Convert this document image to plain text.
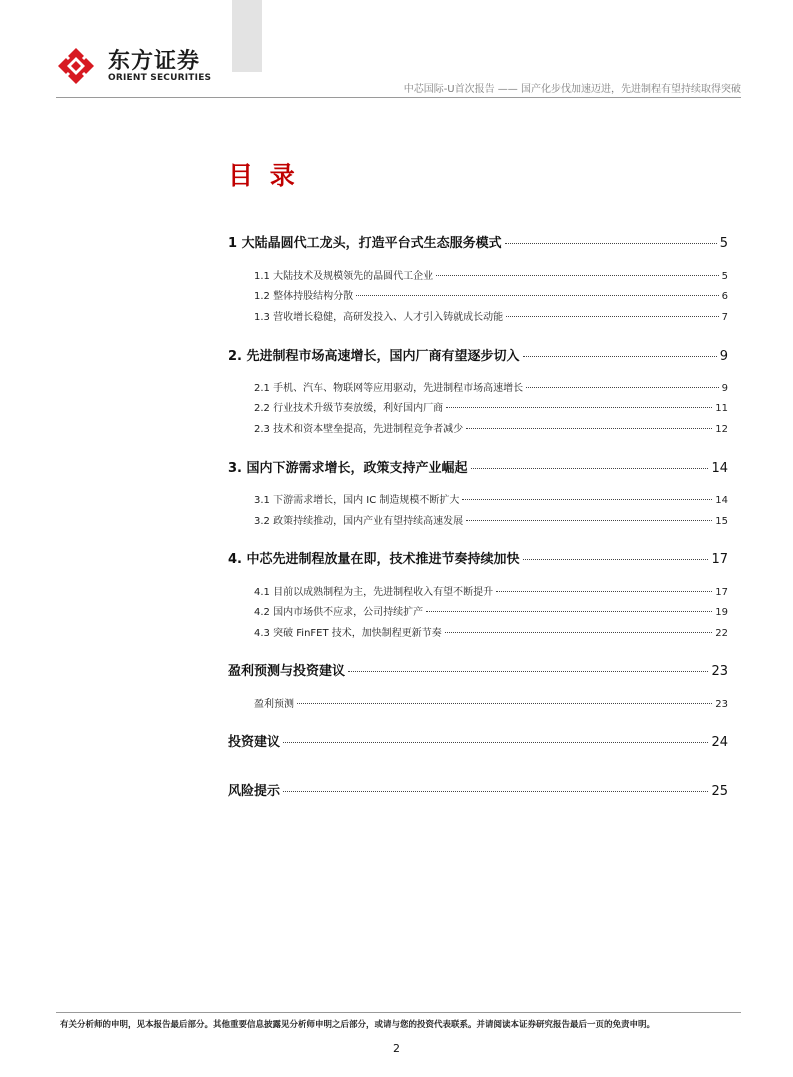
东方证券
ORIENT SECURITIES
中芯国际-U首次报告 —— 国产化步伐加速迈进，先进制程有望持续取得突破
目 录
1 大陆晶圆代工龙头，打造平台式生态服务模式	5
1.1 大陆技术及规模领先的晶圆代工企业	5
1.2 整体持股结构分散	6
1.3 营收增长稳健，高研发投入、人才引入铸就成长动能	7
2. 先进制程市场高速增长，国内厂商有望逐步切入	9
2.1 手机、汽车、物联网等应用驱动，先进制程市场高速增长	9
2.2 行业技术升级节奏放缓，利好国内厂商	11
2.3 技术和资本壁垒提高，先进制程竞争者减少	12
3. 国内下游需求增长，政策支持产业崛起	14
3.1 下游需求增长，国内 IC 制造规模不断扩大	14
3.2 政策持续推动，国内产业有望持续高速发展	15
4. 中芯先进制程放量在即，技术推进节奏持续加快	17
4.1 目前以成熟制程为主，先进制程收入有望不断提升	17
4.2 国内市场供不应求，公司持续扩产	19
4.3 突破 FinFET 技术，加快制程更新节奏	22
盈利预测与投资建议	23
盈利预测	23
投资建议	24
风险提示	25
有关分析师的申明，见本报告最后部分。其他重要信息披露见分析师申明之后部分，或请与您的投资代表联系。并请阅读本证券研究报告最后一页的免责申明。
2
